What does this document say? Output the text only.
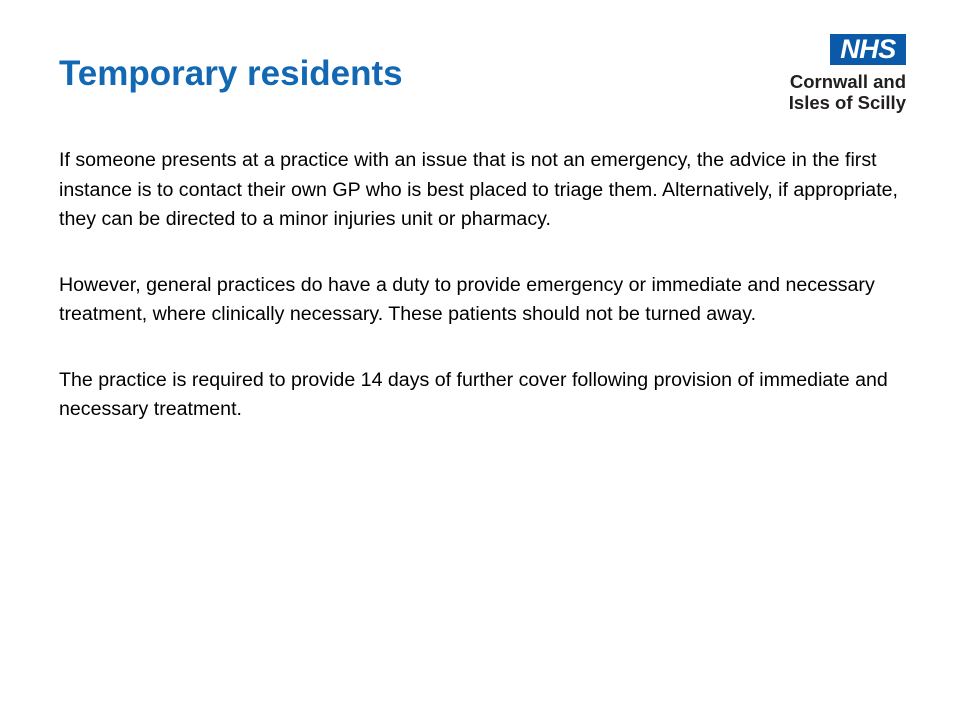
Temporary residents
NHS
Cornwall and
Isles of Scilly

If someone presents at a practice with an issue that is not an emergency, the advice in the first instance is to contact their own GP who is best placed to triage them. Alternatively, if appropriate, they can be directed to a minor injuries unit or pharmacy.

However, general practices do have a duty to provide emergency or immediate and necessary treatment, where clinically necessary. These patients should not be turned away.

The practice is required to provide 14 days of further cover following provision of immediate and necessary treatment.
